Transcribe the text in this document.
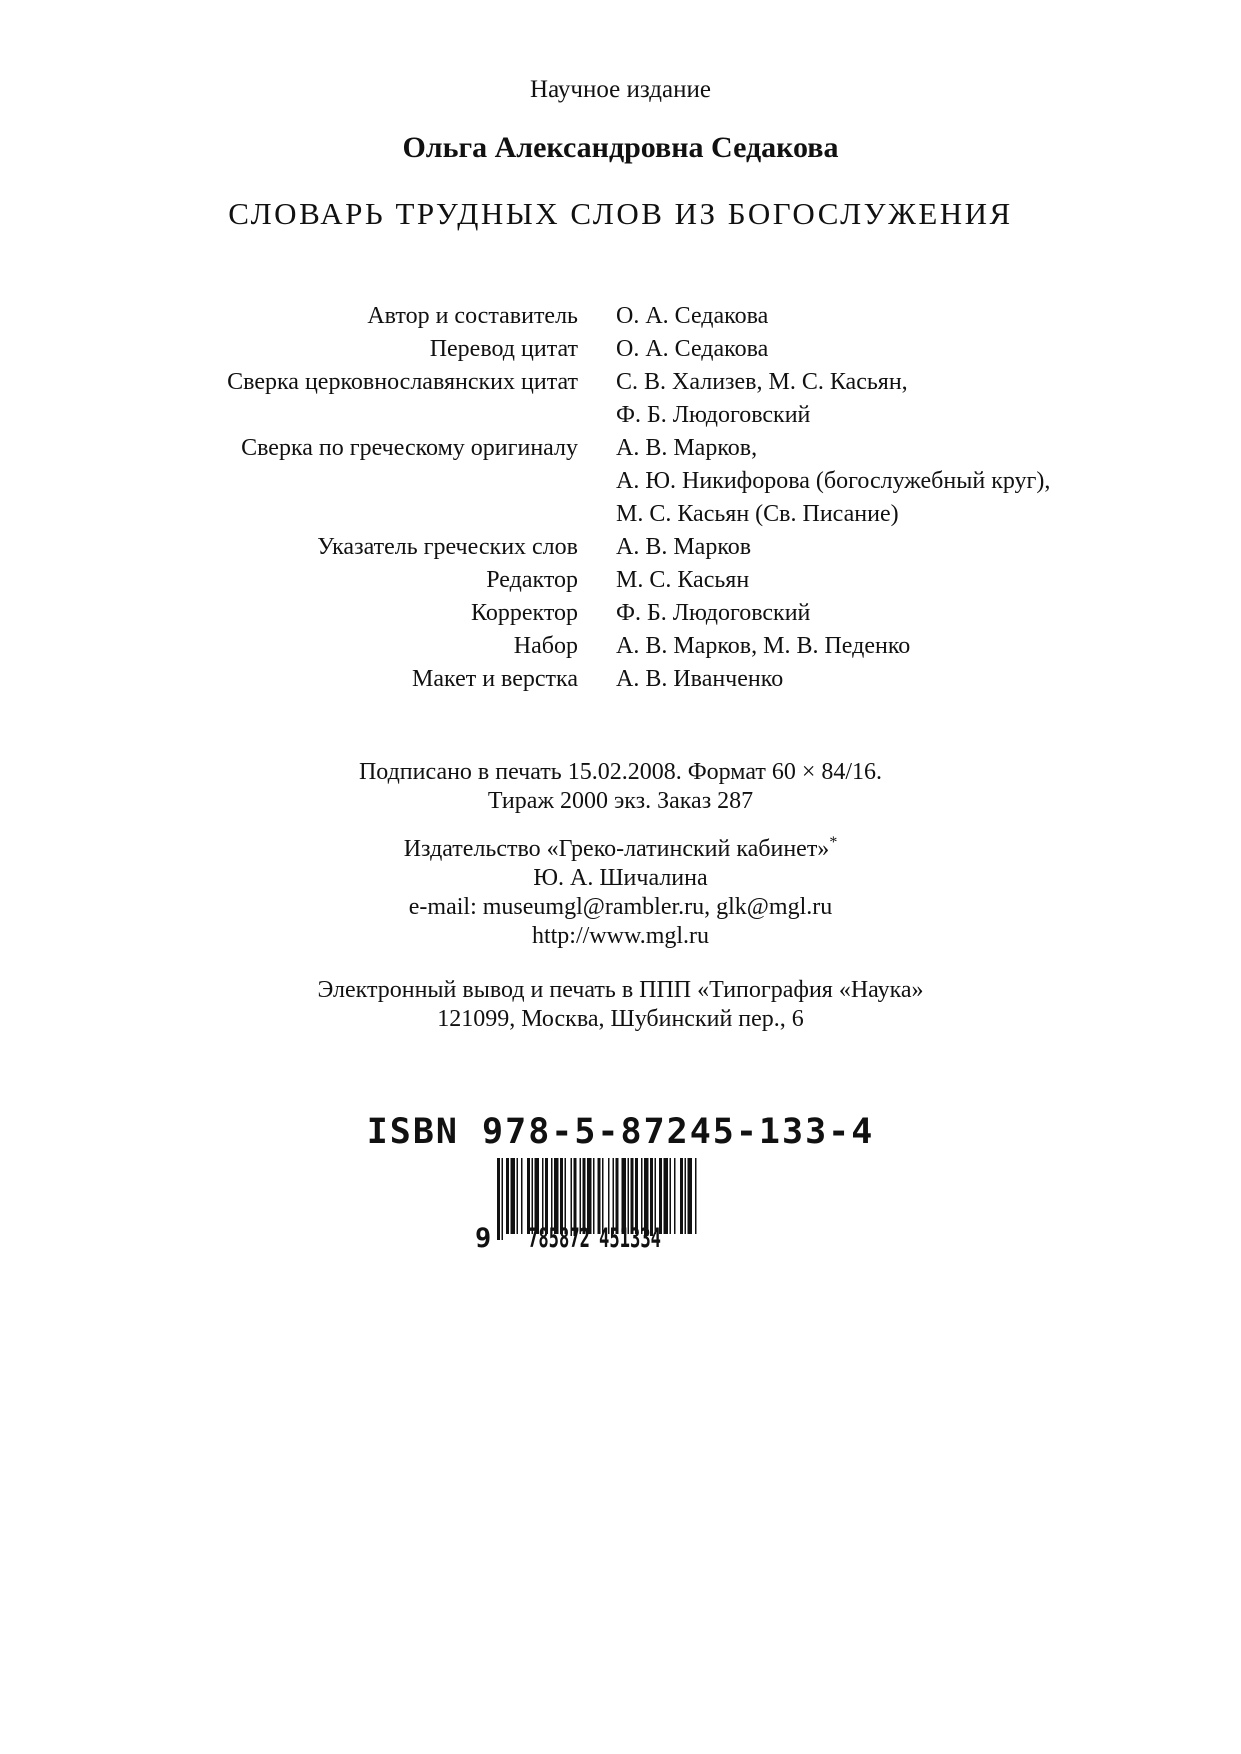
Научное издание
Ольга Александровна Седакова
СЛОВАРЬ ТРУДНЫХ СЛОВ ИЗ БОГОСЛУЖЕНИЯ
Автор и составитель О. А. Седакова
Перевод цитат О. А. Седакова
Сверка церковнославянских цитат С. В. Хализев, М. С. Касьян,
Ф. Б. Людоговский
Сверка по греческому оригиналу А. В. Марков,
А. Ю. Никифорова (богослужебный круг),
М. С. Касьян (Св. Писание)
Указатель греческих слов А. В. Марков
Редактор М. С. Касьян
Корректор Ф. Б. Людоговский
Набор А. В. Марков, М. В. Педенко
Макет и верстка А. В. Иванченко
Подписано в печать 15.02.2008. Формат 60 × 84/16.
Тираж 2000 экз. Заказ 287
Издательство «Греко-латинский кабинет»*
Ю. А. Шичалина
e-mail: museumgl@rambler.ru, glk@mgl.ru
http://www.mgl.ru
Электронный вывод и печать в ППП «Типография «Наука»
121099, Москва, Шубинский пер., 6
ISBN 978-5-87245-133-4
9 785872 451334
